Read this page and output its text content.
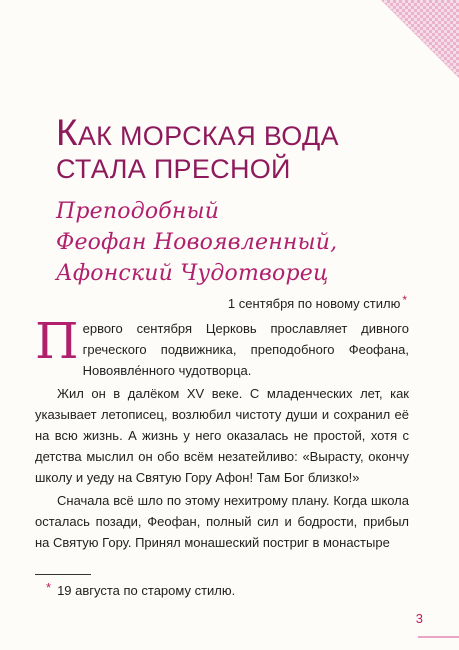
КАК МОРСКАЯ ВОДА
СТАЛА ПРЕСНОЙ
Преподобный
Феофан Новоявленный,
Афонский Чудотворец
1 сентября по новому стилю *

Первого сентября Церковь прославляет дивного греческого подвижника, преподобного Феофана, Новоявле́нного чудотворца.

Жил он в далёком XV веке. С младенческих лет, как указывает летописец, возлюбил чистоту души и сохранил её на всю жизнь. А жизнь у него оказалась не простой, хотя с детства мыслил он обо всём незатейливо: «Вырасту, окончу школу и уеду на Святую Гору Афон! Там Бог близко!»

Сначала всё шло по этому нехитрому плану. Когда школа осталась позади, Феофан, полный сил и бодрости, прибыл на Святую Гору. Принял монашеский постриг в монастыре

* 19 августа по старому стилю.
3
